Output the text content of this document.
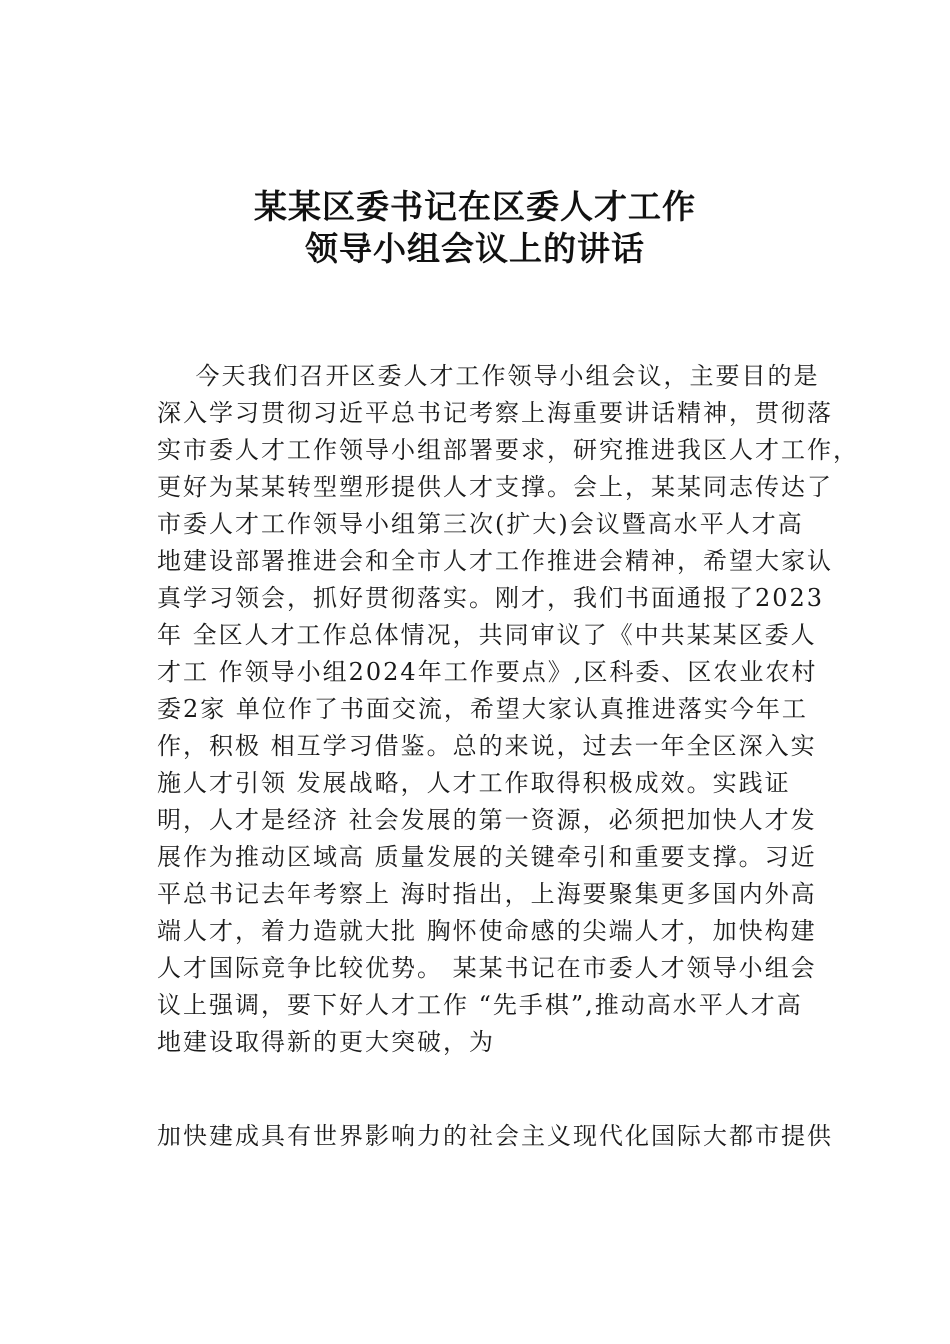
某某区委书记在区委人才工作
领导小组会议上的讲话
今天我们召开区委人才工作领导小组会议，主要目的是
深入学习贯彻习近平总书记考察上海重要讲话精神，贯彻落
实市委人才工作领导小组部署要求，研究推进我区人才工作，
更好为某某转型塑形提供人才支撑。会上，某某同志传达了
市委人才工作领导小组第三次(扩大)会议暨高水平人才高
地建设部署推进会和全市人才工作推进会精神，希望大家认
真学习领会，抓好贯彻落实。刚才，我们书面通报了2023
年 全区人才工作总体情况，共同审议了《中共某某区委人
才工 作领导小组2024年工作要点》,区科委、区农业农村
委2家 单位作了书面交流，希望大家认真推进落实今年工
作，积极 相互学习借鉴。总的来说，过去一年全区深入实
施人才引领 发展战略，人才工作取得积极成效。实践证
明，人才是经济 社会发展的第一资源，必须把加快人才发
展作为推动区域高 质量发展的关键牵引和重要支撑。习近
平总书记去年考察上 海时指出，上海要聚集更多国内外高
端人才，着力造就大批 胸怀使命感的尖端人才，加快构建
人才国际竞争比较优势。 某某书记在市委人才领导小组会
议上强调，要下好人才工作 “先手棋”,推动高水平人才高
地建设取得新的更大突破，为
加快建成具有世界影响力的社会主义现代化国际大都市提供
